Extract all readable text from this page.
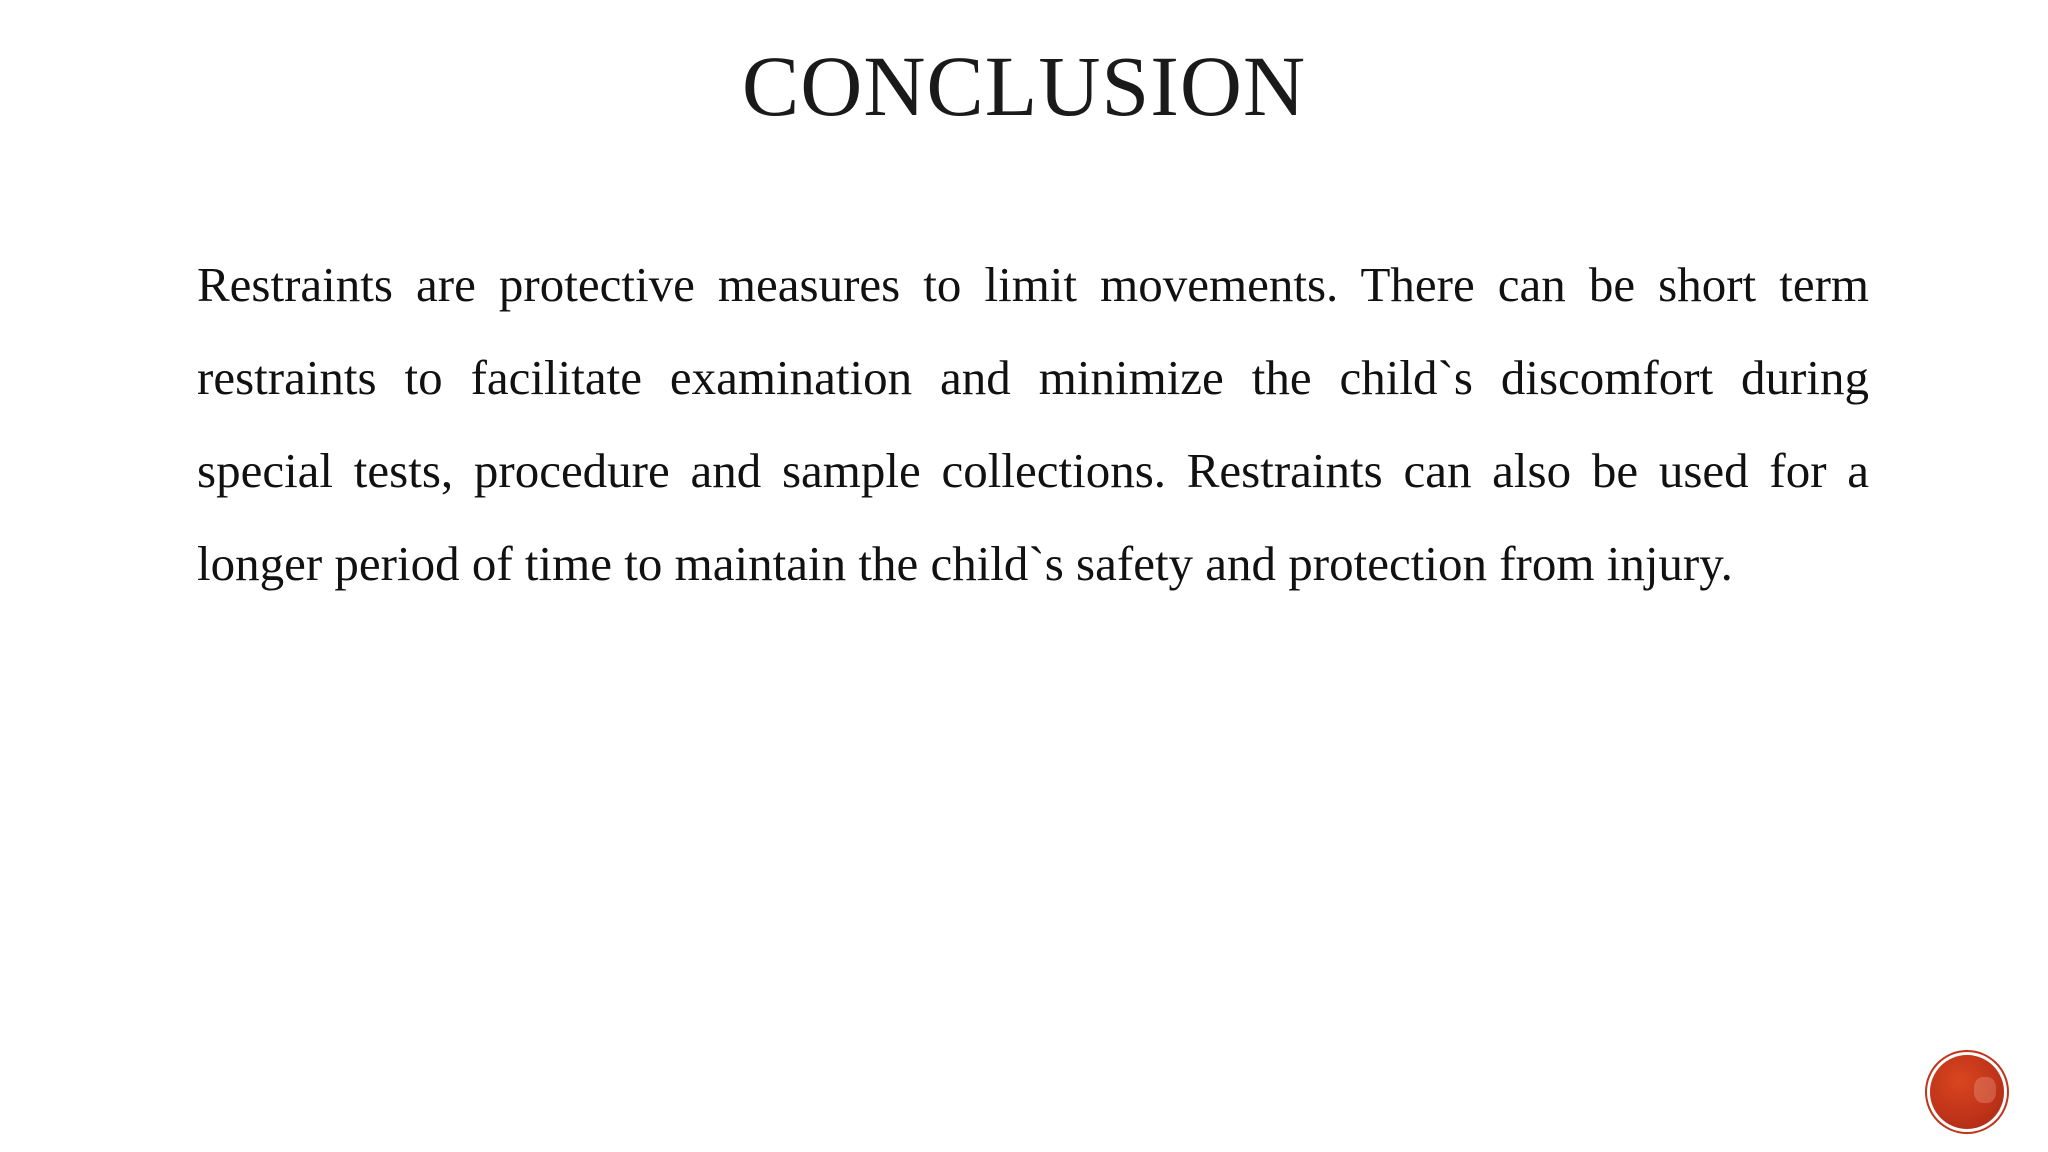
CONCLUSION

Restraints are protective measures to limit movements. There can be short term restraints to facilitate examination and minimize the child`s discomfort during special tests, procedure and sample collections. Restraints can also be used for a longer period of time to maintain the child`s safety and protection from injury.
